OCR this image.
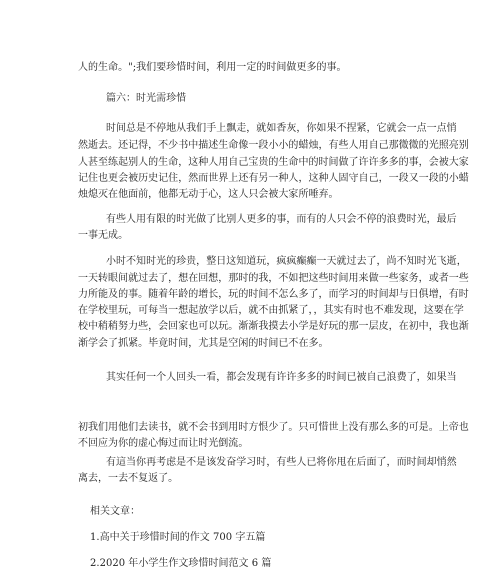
人的生命。";我们要珍惜时间，利用一定的时间做更多的事。
篇六：时光需珍惜
时间总是不停地从我们手上飘走，就如香灰，你如果不捏紧，它就会一点一点悄
然逝去。还记得，不少书中描述生命像一段小小的蜡烛，有些人用自己那微微的光照亮别
人甚至练起别人的生命，这种人用自己宝贵的生命中的时间做了许许多多的事，会被大家
记住也更会被历史记住，然而世界上还有另一种人，这种人固守自己，一段又一段的小蜡
烛熄灭在他面前，他都无动于心，这人只会被大家所唾弃。
有些人用有限的时光做了比别人更多的事，而有的人只会不停的浪费时光，最后
一事无成。
小时不知时光的珍贵，整日这知道玩，疯疯癫癫一天就过去了，尚不知时光飞逝，
一天转眼间就过去了，想在回想，那时的我，不如把这些时间用来做一些家务，或者一些
力所能及的事。随着年龄的增长，玩的时间不怎么多了，而学习的时间却与日俱增，有时
在学校里玩，可每当一想起放学以后，就不由抓紧了，，其实有时也不难发现，这要在学
校中稍稍努力些，会回家也可以玩。渐渐我摸去小学是好玩的那一层皮，在初中，我也渐
渐学会了抓紧。毕竟时间，尤其是空闲的时间已不在多。
其实任何一个人回头一看，都会发现有许许多多的时间已被自己浪费了，如果当
初我们用他们去读书，就不会书到用时方恨少了。只可惜世上没有那么多的可是。上帝也
不回应为你的虚心悔过而让时光倒流。
有這当你再考虑是不是该发奋学习时，有些人已将你甩在后面了，而时间却悄然
离去，一去不复返了。
相关文章：
1.高中关于珍惜时间的作文 700 字五篇
2.2020 年小学生作文珍惜时间范文 6 篇
